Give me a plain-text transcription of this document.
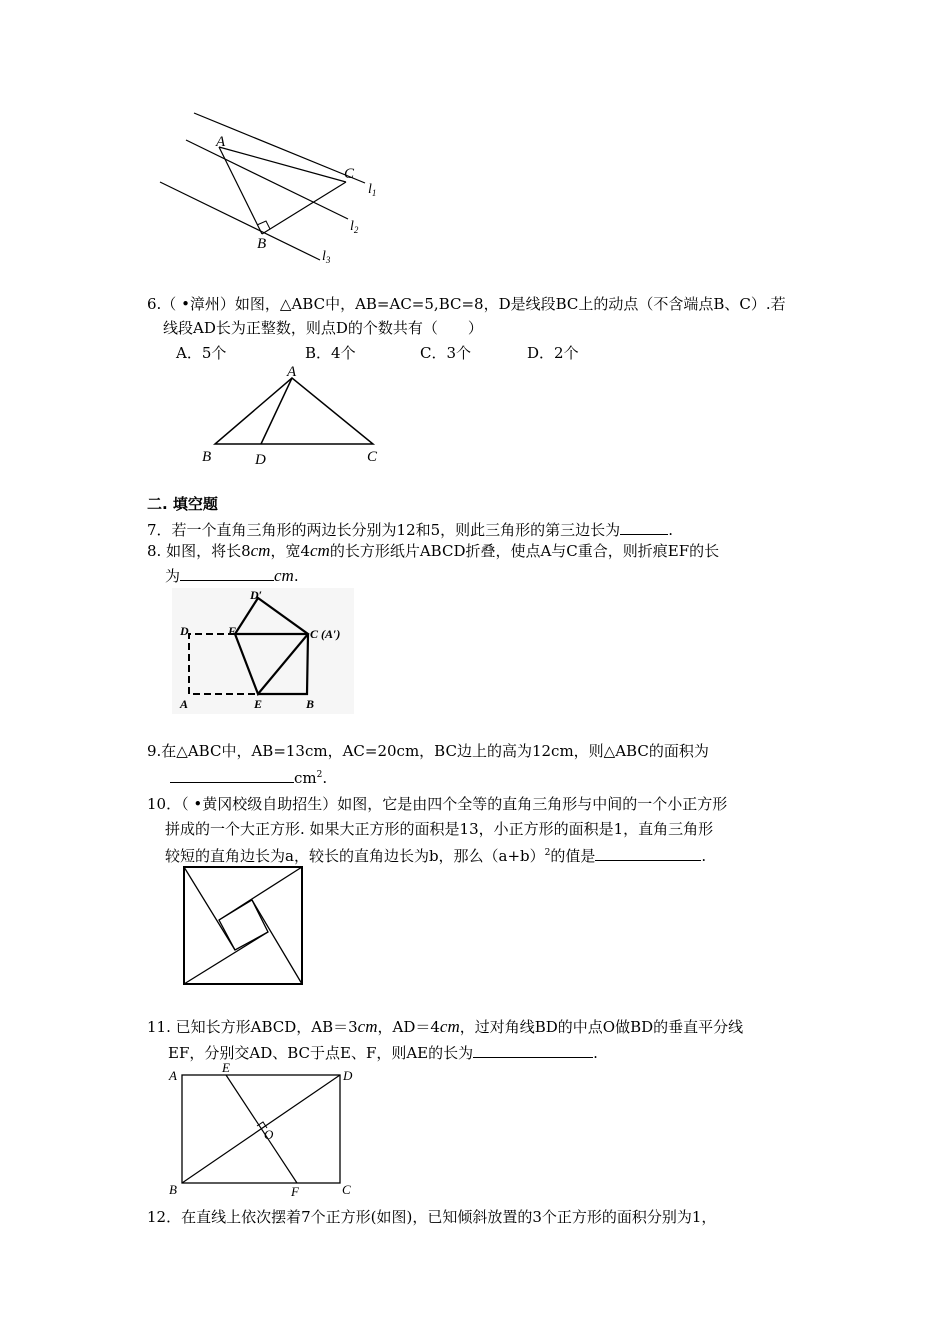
A
C
B
$l_1$
$l_2$
$l_3$
6.（ •漳州）如图，△ABC中，AB=AC=5,BC=8，D是线段BC上的动点（不含端点B、C）.若
线段AD长为正整数，则点D的个数共有（　　）
A．5个	B．4个	C．3个	D．2个
A
B	D	C
二. 填空题
7．若一个直角三角形的两边长分别为12和5，则此三角形的第三边长为	.
8. 如图，将长8cm，宽4cm的长方形纸片ABCD折叠，使点A与C重合，则折痕EF的长
为	cm.
D′
D	F	C (A′)
A	E	B
9.在△ABC中，AB=13cm，AC=20cm，BC边上的高为12cm，则△ABC的面积为
$cm^2$.
10．（ •黄冈校级自助招生）如图，它是由四个全等的直角三角形与中间的一个小正方形
拼成的一个大正方形. 如果大正方形的面积是13，小正方形的面积是1，直角三角形
较短的直角边长为a，较长的直角边长为b，那么$(a+b)^2$的值是	.
11. 已知长方形ABCD，AB＝3cm，AD＝4cm，过对角线BD的中点O做BD的垂直平分线
EF，分别交AD、BC于点E、F，则AE的长为	.
A
E
D
O
B	F	C
12．在直线上依次摆着7个正方形(如图)，已知倾斜放置的3个正方形的面积分别为1，
